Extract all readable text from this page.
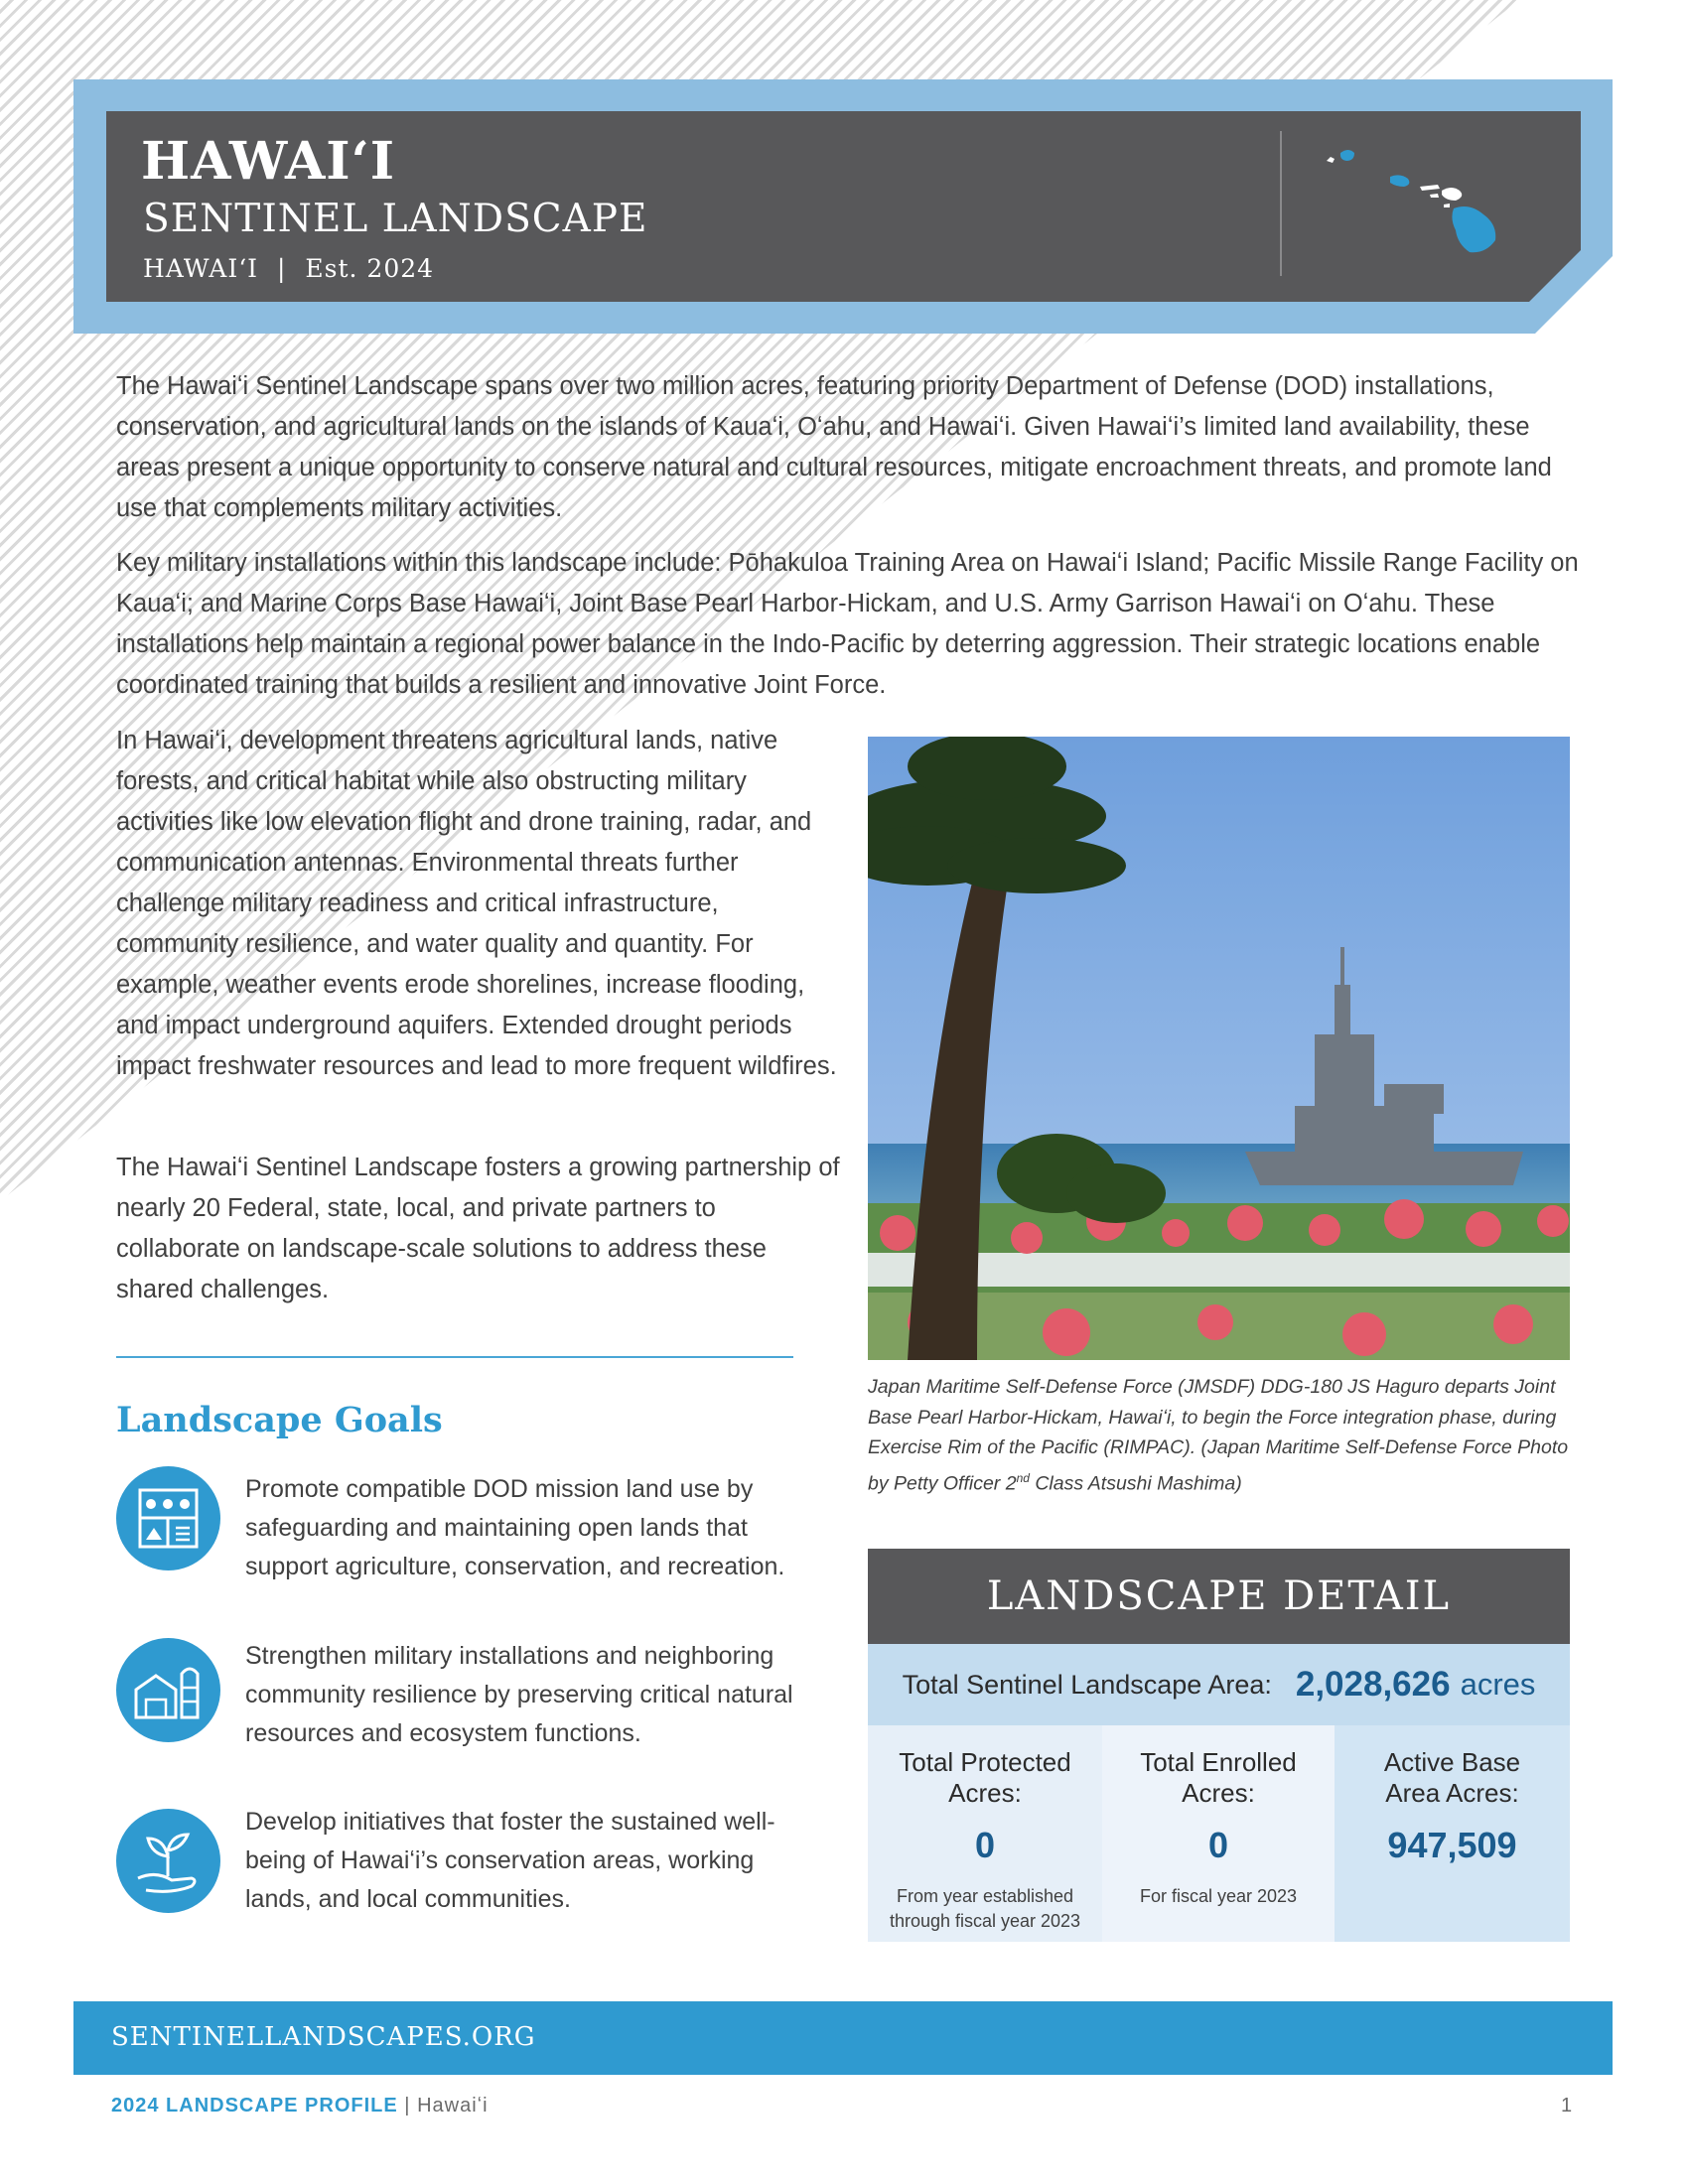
HAWAIʻI
SENTINEL LANDSCAPE
HAWAIʻI | Est. 2024

The Hawaiʻi Sentinel Landscape spans over two million acres, featuring priority Department of Defense (DOD) installations, conservation, and agricultural lands on the islands of Kauaʻi, Oʻahu, and Hawaiʻi. Given Hawaiʻi’s limited land availability, these areas present a unique opportunity to conserve natural and cultural resources, mitigate encroachment threats, and promote land use that complements military activities.

Key military installations within this landscape include: Pōhakuloa Training Area on Hawaiʻi Island; Pacific Missile Range Facility on Kauaʻi; and Marine Corps Base Hawaiʻi, Joint Base Pearl Harbor-Hickam, and U.S. Army Garrison Hawaiʻi on Oʻahu. These installations help maintain a regional power balance in the Indo-Pacific by deterring aggression. Their strategic locations enable coordinated training that builds a resilient and innovative Joint Force.

In Hawaiʻi, development threatens agricultural lands, native forests, and critical habitat while also obstructing military activities like low elevation flight and drone training, radar, and communication antennas. Environmental threats further challenge military readiness and critical infrastructure, community resilience, and water quality and quantity. For example, weather events erode shorelines, increase flooding, and impact underground aquifers. Extended drought periods impact freshwater resources and lead to more frequent wildfires.

The Hawaiʻi Sentinel Landscape fosters a growing partnership of nearly 20 Federal, state, local, and private partners to collaborate on landscape-scale solutions to address these shared challenges.

Japan Maritime Self-Defense Force (JMSDF) DDG-180 JS Haguro departs Joint Base Pearl Harbor-Hickam, Hawaiʻi, to begin the Force integration phase, during Exercise Rim of the Pacific (RIMPAC). (Japan Maritime Self-Defense Force Photo by Petty Officer 2nd Class Atsushi Mashima)

Landscape Goals

Promote compatible DOD mission land use by safeguarding and maintaining open lands that support agriculture, conservation, and recreation.

Strengthen military installations and neighboring community resilience by preserving critical natural resources and ecosystem functions.

Develop initiatives that foster the sustained well-being of Hawaiʻi’s conservation areas, working lands, and local communities.

LANDSCAPE DETAIL
Total Sentinel Landscape Area: 2,028,626 acres
Total Protected
Acres:
0
From year established
through fiscal year 2023
Total Enrolled
Acres:
0
For fiscal year 2023
Active Base
Area Acres:
947,509
SENTINELLANDSCAPES.ORG
2024 LANDSCAPE PROFILE | Hawaiʻi	1
